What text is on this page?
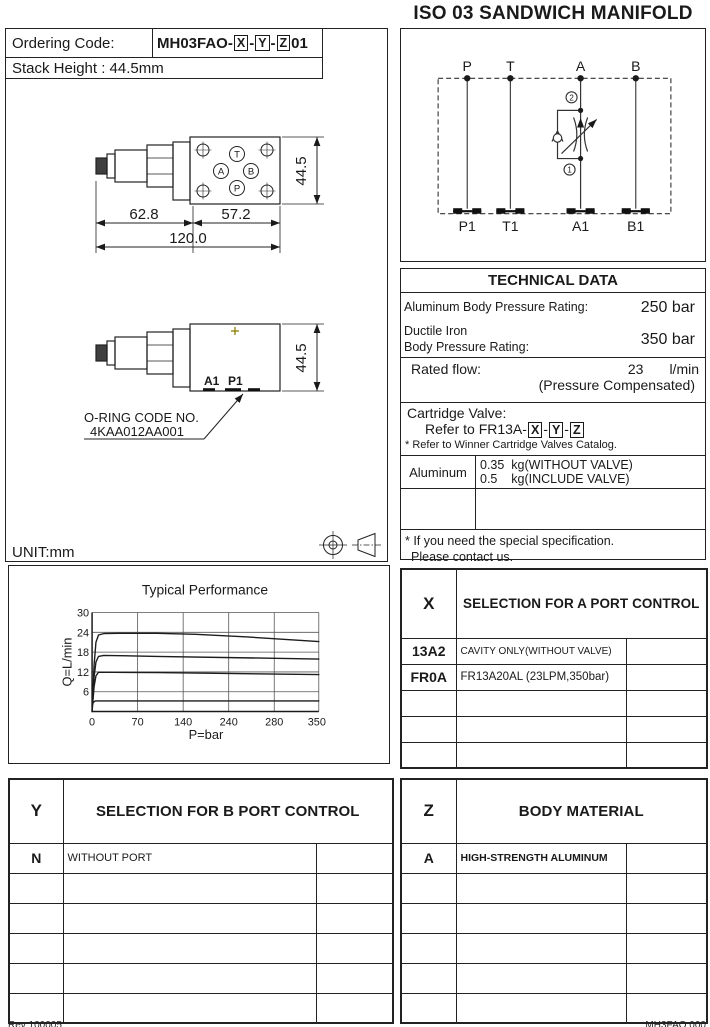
ISO 03 SANDWICH MANIFOLD
Ordering Code:	MH03FAO- X - Y - Z 01
Stack Height : 44.5mm
T
A B
P
62.8	57.2
120.0
44.5
A1 P1
44.5
O-RING CODE NO.
4KAA012AA001
UNIT:mm
P T	A	B
P1 T1	A1	B1
2
1
TECHNICAL DATA
Aluminum Body Pressure Rating:	250 bar
Ductile Iron
Body Pressure Rating:	350 bar
Rated flow:	23	l/min
(Pressure Compensated)
Cartridge Valve:
Refer to FR13A- X - Y - Z
* Refer to Winner Cartridge Valves Catalog.
Aluminum	0.35  kg(WITHOUT VALVE)
0.5    kg(INCLUDE VALVE)
* If you need the special specification.
Please contact us.
Typical Performance
30
24
18
12
6
0	70	140 240 280 350
Q=L/min
P=bar
X	SELECTION FOR A PORT CONTROL	
13A2	CAVITY ONLY(WITHOUT VALVE)	
FR0A	FR13A20AL (23LPM,350bar)	

Y	SELECTION FOR B PORT CONTROL	
N	WITHOUT PORT	

Z	BODY MATERIAL	
A	HIGH-STRENGTH ALUMINUM	

Rev 100005	MH3FAO 000
